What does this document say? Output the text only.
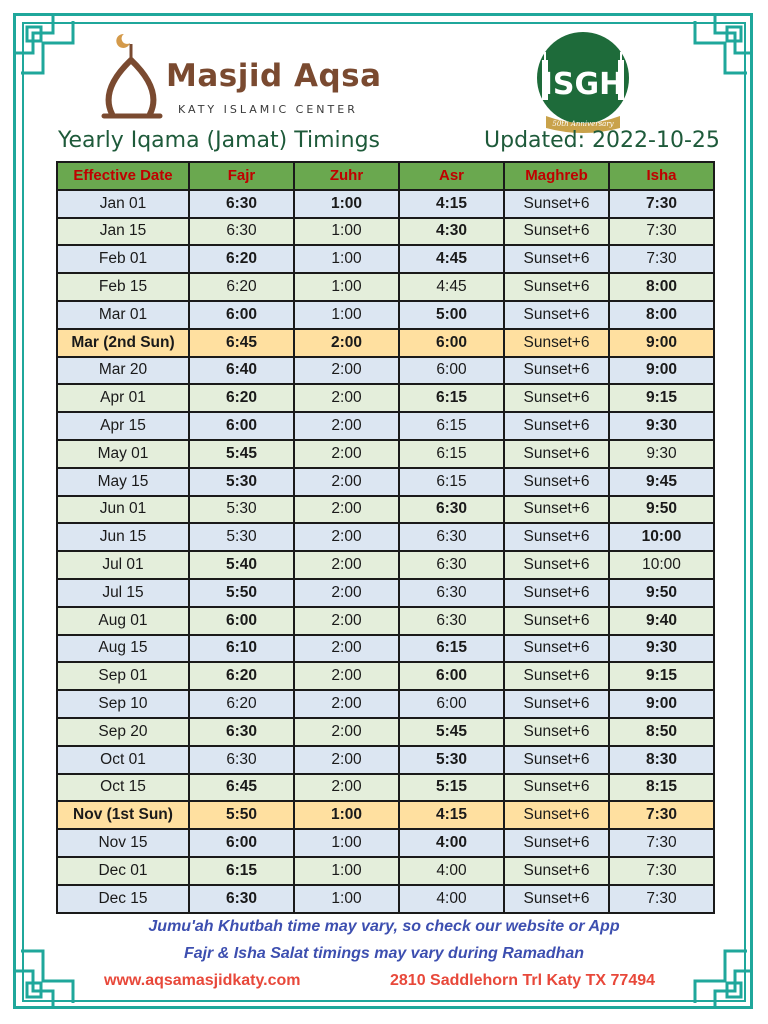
Masjid Aqsa
KATY ISLAMIC CENTER
ISGH
50th Anniversary
Yearly Iqama (Jamat) Timings	Updated: 2022-10-25
Effective Date	Fajr	Zuhr	Asr	Maghreb	Isha
Jan 01	6:30	1:00	4:15	Sunset+6	7:30
Jan 15	6:30	1:00	4:30	Sunset+6	7:30
Feb 01	6:20	1:00	4:45	Sunset+6	7:30
Feb 15	6:20	1:00	4:45	Sunset+6	8:00
Mar 01	6:00	1:00	5:00	Sunset+6	8:00
Mar (2nd Sun)	6:45	2:00	6:00	Sunset+6	9:00
Mar 20	6:40	2:00	6:00	Sunset+6	9:00
Apr 01	6:20	2:00	6:15	Sunset+6	9:15
Apr 15	6:00	2:00	6:15	Sunset+6	9:30
May 01	5:45	2:00	6:15	Sunset+6	9:30
May 15	5:30	2:00	6:15	Sunset+6	9:45
Jun 01	5:30	2:00	6:30	Sunset+6	9:50
Jun 15	5:30	2:00	6:30	Sunset+6	10:00
Jul 01	5:40	2:00	6:30	Sunset+6	10:00
Jul 15	5:50	2:00	6:30	Sunset+6	9:50
Aug 01	6:00	2:00	6:30	Sunset+6	9:40
Aug 15	6:10	2:00	6:15	Sunset+6	9:30
Sep 01	6:20	2:00	6:00	Sunset+6	9:15
Sep 10	6:20	2:00	6:00	Sunset+6	9:00
Sep 20	6:30	2:00	5:45	Sunset+6	8:50
Oct 01	6:30	2:00	5:30	Sunset+6	8:30
Oct 15	6:45	2:00	5:15	Sunset+6	8:15
Nov (1st Sun)	5:50	1:00	4:15	Sunset+6	7:30
Nov 15	6:00	1:00	4:00	Sunset+6	7:30
Dec 01	6:15	1:00	4:00	Sunset+6	7:30
Dec 15	6:30	1:00	4:00	Sunset+6	7:30
Jumu'ah Khutbah time may vary, so check our website or App
Fajr & Isha Salat timings may vary during Ramadhan
www.aqsamasjidkaty.com	2810 Saddlehorn Trl Katy TX 77494
